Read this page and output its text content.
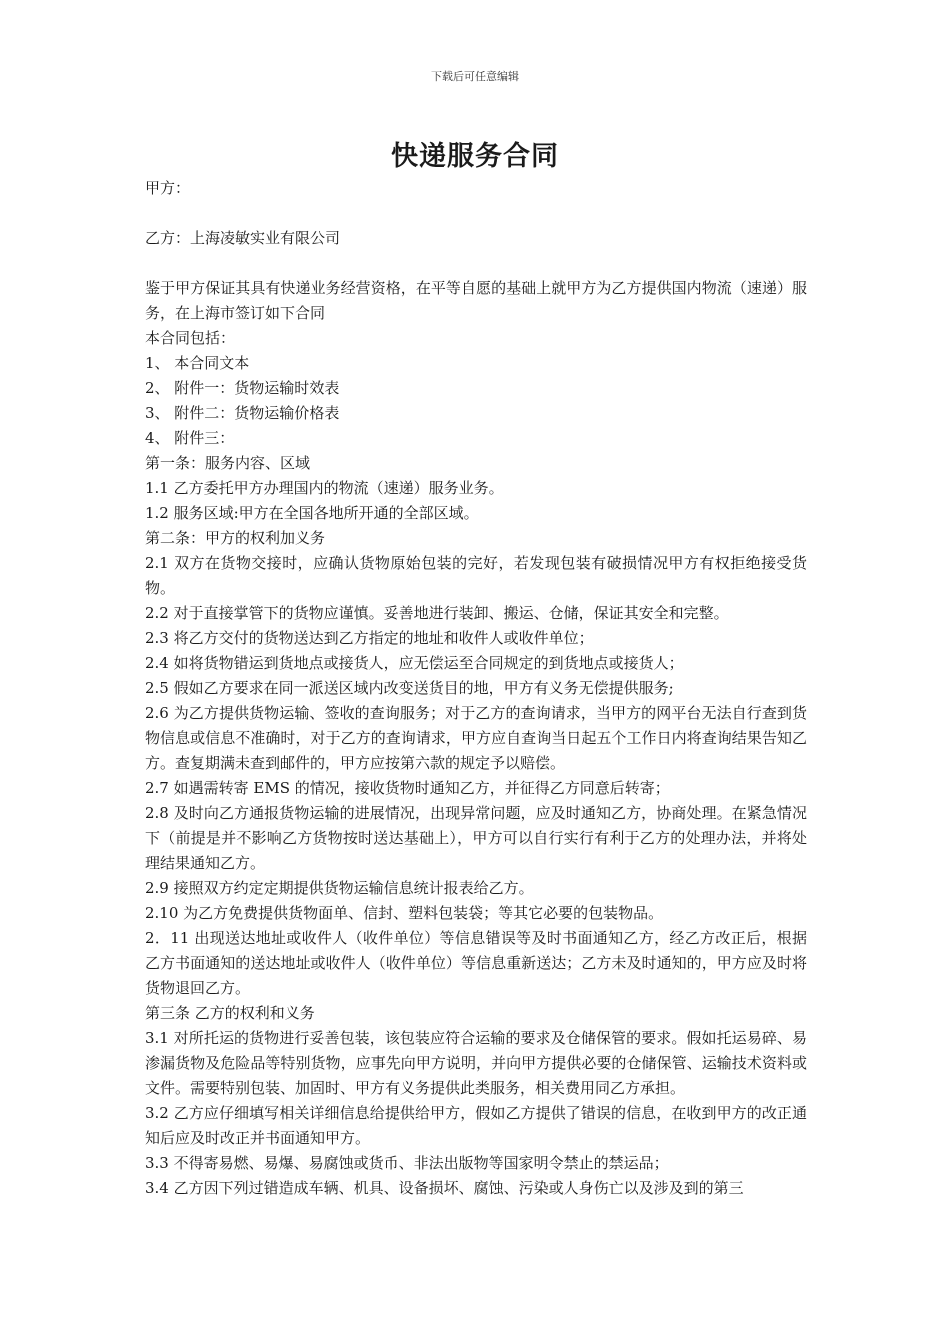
下载后可任意编辑
快递服务合同

甲方：

乙方：上海凌敏实业有限公司

鉴于甲方保证其具有快递业务经营资格，在平等自愿的基础上就甲方为乙方提供国内物流（速递）服务，在上海市签订如下合同

本合同包括：

1、 本合同文本

2、 附件一：货物运输时效表

3、 附件二：货物运输价格表

4、 附件三：

第一条：服务内容、区域

1.1 乙方委托甲方办理国内的物流（速递）服务业务。

1.2 服务区域:甲方在全国各地所开通的全部区域。

第二条：甲方的权利加义务

2.1 双方在货物交接时，应确认货物原始包装的完好，若发现包装有破损情况甲方有权拒绝接受货物。

2.2 对于直接掌管下的货物应谨慎。妥善地进行装卸、搬运、仓储，保证其安全和完整。

2.3 将乙方交付的货物送达到乙方指定的地址和收件人或收件单位；

2.4 如将货物错运到货地点或接货人，应无偿运至合同规定的到货地点或接货人；

2.5 假如乙方要求在同一派送区域内改变送货目的地，甲方有义务无偿提供服务;

2.6 为乙方提供货物运输、签收的查询服务；对于乙方的查询请求，当甲方的网平台无法自行查到货物信息或信息不准确时，对于乙方的查询请求，甲方应自查询当日起五个工作日内将查询结果告知乙方。查复期满未查到邮件的，甲方应按第六款的规定予以赔偿。

2.7 如遇需转寄 EMS 的情况，接收货物时通知乙方，并征得乙方同意后转寄；

2.8 及时向乙方通报货物运输的进展情况，出现异常问题，应及时通知乙方，协商处理。在紧急情况下（前提是并不影响乙方货物按时送达基础上），甲方可以自行实行有利于乙方的处理办法，并将处理结果通知乙方。

2.9 接照双方约定定期提供货物运输信息统计报表给乙方。

2.10 为乙方免费提供货物面单、信封、塑料包装袋；等其它必要的包装物品。

2．11 出现送达地址或收件人（收件单位）等信息错误等及时书面通知乙方，经乙方改正后，根据乙方书面通知的送达地址或收件人（收件单位）等信息重新送达；乙方未及时通知的，甲方应及时将货物退回乙方。

第三条 乙方的权利和义务

3.1 对所托运的货物进行妥善包装，该包装应符合运输的要求及仓储保管的要求。假如托运易碎、易渗漏货物及危险品等特别货物，应事先向甲方说明，并向甲方提供必要的仓储保管、运输技术资料或文件。需要特别包装、加固时、甲方有义务提供此类服务，相关费用同乙方承担。

3.2 乙方应仔细填写相关详细信息给提供给甲方，假如乙方提供了错误的信息，在收到甲方的改正通知后应及时改正并书面通知甲方。

3.3 不得寄易燃、易爆、易腐蚀或货币、非法出版物等国家明令禁止的禁运品；

3.4 乙方因下列过错造成车辆、机具、设备损坏、腐蚀、污染或人身伤亡以及涉及到的第三
